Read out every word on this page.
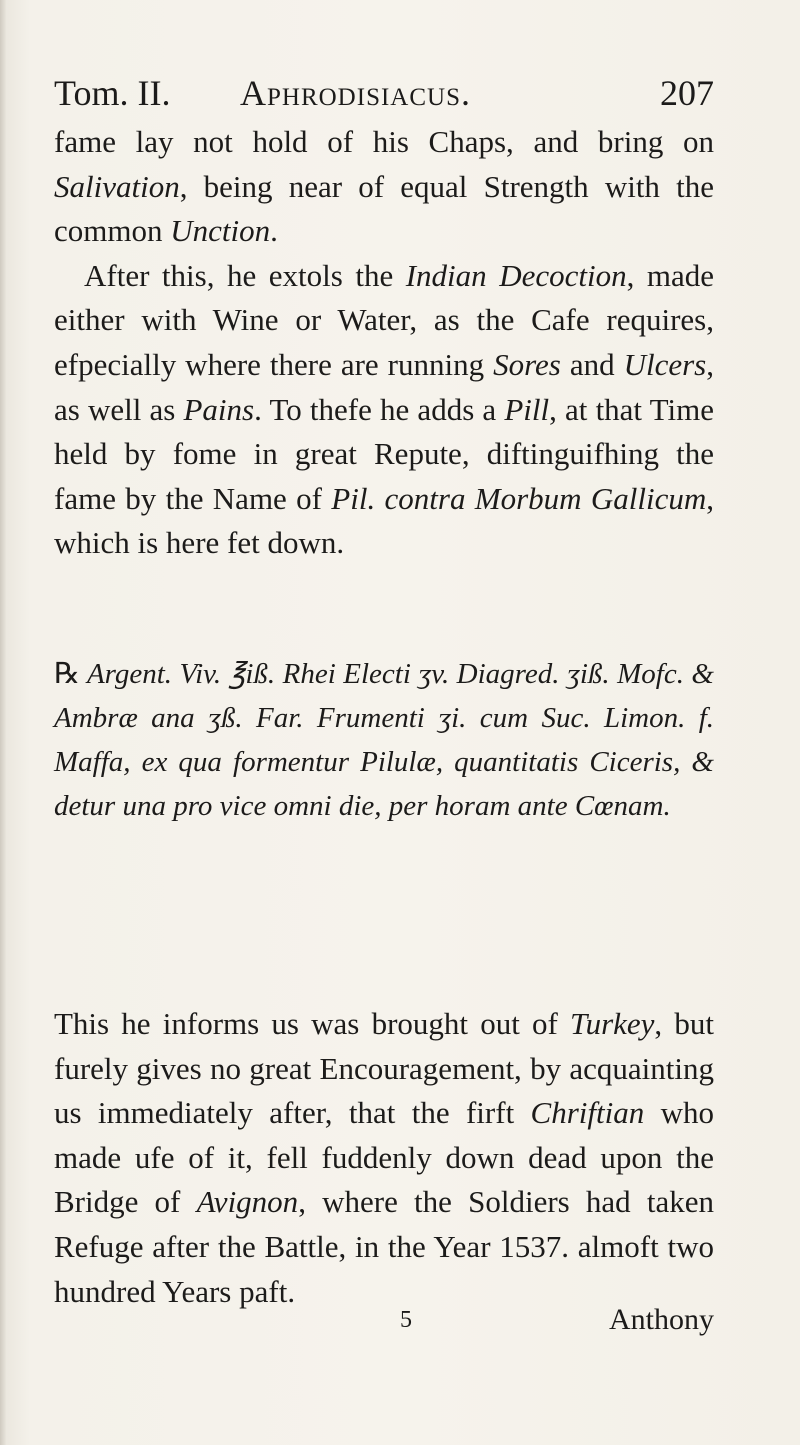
Tom. II. Aphrodisiacus.	207

fame lay not hold of his Chaps, and bring on Salivation, being near of equal Strength with the common Unction.

After this, he extols the Indian Decoction, made either with Wine or Water, as the Cafe requires, efpecially where there are running Sores and Ulcers, as well as Pains. To thefe he adds a Pill, at that Time held by fome in great Repute, diftinguifhing the fame by the Name of Pil. contra Morbum Gallicum, which is here fet down.

℞ Argent. Viv. ℥iß. Rhei Electi ʒv. Diagred. ʒiß. Mofc. & Ambræ ana ʒß. Far. Frumenti ʒi. cum Suc. Limon. f. Maffa, ex qua formentur Pilulæ, quantitatis Ciceris, & detur una pro vice omni die, per horam ante Cœnam.

This he informs us was brought out of Turkey, but furely gives no great Encouragement, by acquainting us immediately after, that the firft Chriftian who made ufe of it, fell fuddenly down dead upon the Bridge of Avignon, where the Soldiers had taken Refuge after the Battle, in the Year 1537. almoft two hundred Years paft.

5	Anthony
